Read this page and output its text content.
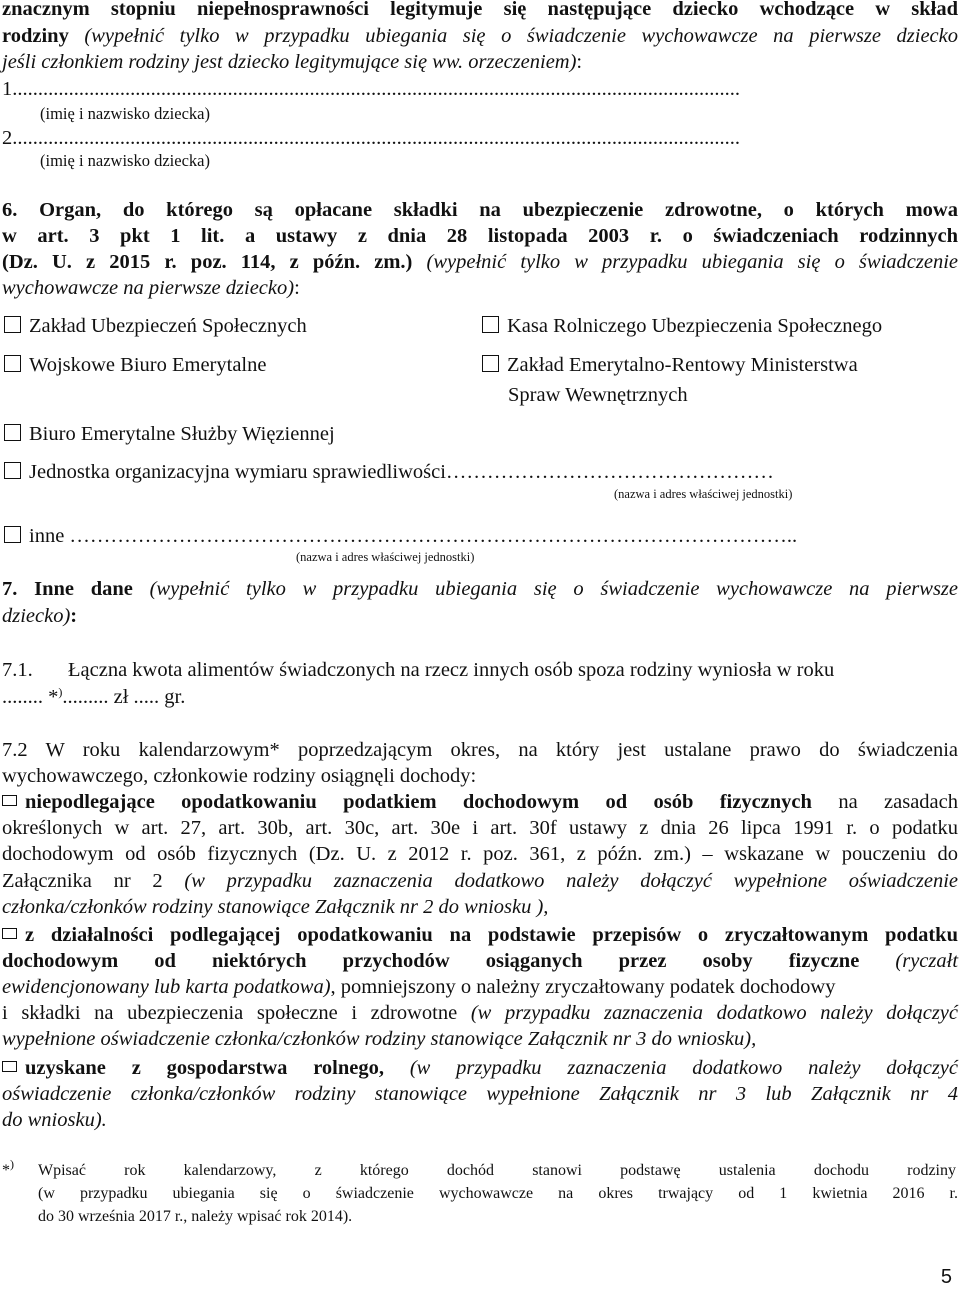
znacznym stopniu niepełnosprawności legitymuje się następujące dziecko wchodzące w skład
rodziny (wypełnić tylko w przypadku ubiegania się o świadczenie wychowawcze na pierwsze dziecko
jeśli członkiem rodziny jest dziecko legitymujące się ww. orzeczeniem):
1..............................................................................................................................................
(imię i nazwisko dziecka)
2..............................................................................................................................................
(imię i nazwisko dziecka)
6. Organ, do którego są opłacane składki na ubezpieczenie zdrowotne, o których mowa
w art. 3 pkt 1 lit. a ustawy z dnia 28 listopada 2003 r. o świadczeniach rodzinnych
(Dz. U. z 2015 r. poz. 114, z późn. zm.) (wypełnić tylko w przypadku ubiegania się o świadczenie
wychowawcze na pierwsze dziecko):
Zakład Ubezpieczeń Społecznych	Kasa Rolniczego Ubezpieczenia Społecznego
Wojskowe Biuro Emerytalne	Zakład Emerytalno-Rentowy Ministerstwa
Spraw Wewnętrznych
Biuro Emerytalne Służby Więziennej
Jednostka organizacyjna wymiaru sprawiedliwości…………………………………………
(nazwa i adres właściwej jednostki)
inne ……………………………………………………………………………………………..
(nazwa i adres właściwej jednostki)
7. Inne dane (wypełnić tylko w przypadku ubiegania się o świadczenie wychowawcze na pierwsze
dziecko):
7.1. Łączna kwota alimentów świadczonych na rzecz innych osób spoza rodziny wyniosła w roku
........ *)......... zł ..... gr.
7.2 W roku kalendarzowym* poprzedzającym okres, na który jest ustalane prawo do świadczenia
wychowawczego, członkowie rodziny osiągnęli dochody:
niepodlegające opodatkowaniu podatkiem dochodowym od osób fizycznych na zasadach
określonych w art. 27, art. 30b, art. 30c, art. 30e i art. 30f ustawy z dnia 26 lipca 1991 r. o podatku
dochodowym od osób fizycznych (Dz. U. z 2012 r. poz. 361, z późn. zm.) – wskazane w pouczeniu do
Załącznika nr 2 (w przypadku zaznaczenia dodatkowo należy dołączyć wypełnione oświadczenie
członka/członków rodziny stanowiące Załącznik nr 2 do wniosku ),
z działalności podlegającej opodatkowaniu na podstawie przepisów o zryczałtowanym podatku
dochodowym od niektórych przychodów osiąganych przez osoby fizyczne (ryczałt
ewidencjonowany lub karta podatkowa), pomniejszony o należny zryczałtowany podatek dochodowy
i składki na ubezpieczenia społeczne i zdrowotne (w przypadku zaznaczenia dodatkowo należy dołączyć
wypełnione oświadczenie członka/członków rodziny stanowiące Załącznik nr 3 do wniosku),
uzyskane z gospodarstwa rolnego, (w przypadku zaznaczenia dodatkowo należy dołączyć
oświadczenie członka/członków rodziny stanowiące wypełnione Załącznik nr 3 lub Załącznik nr 4
do wniosku).
*) Wpisać rok kalendarzowy, z którego dochód stanowi podstawę ustalenia dochodu rodziny
(w przypadku ubiegania się o świadczenie wychowawcze na okres trwający od 1 kwietnia 2016 r.
do 30 września 2017 r., należy wpisać rok 2014).
5
